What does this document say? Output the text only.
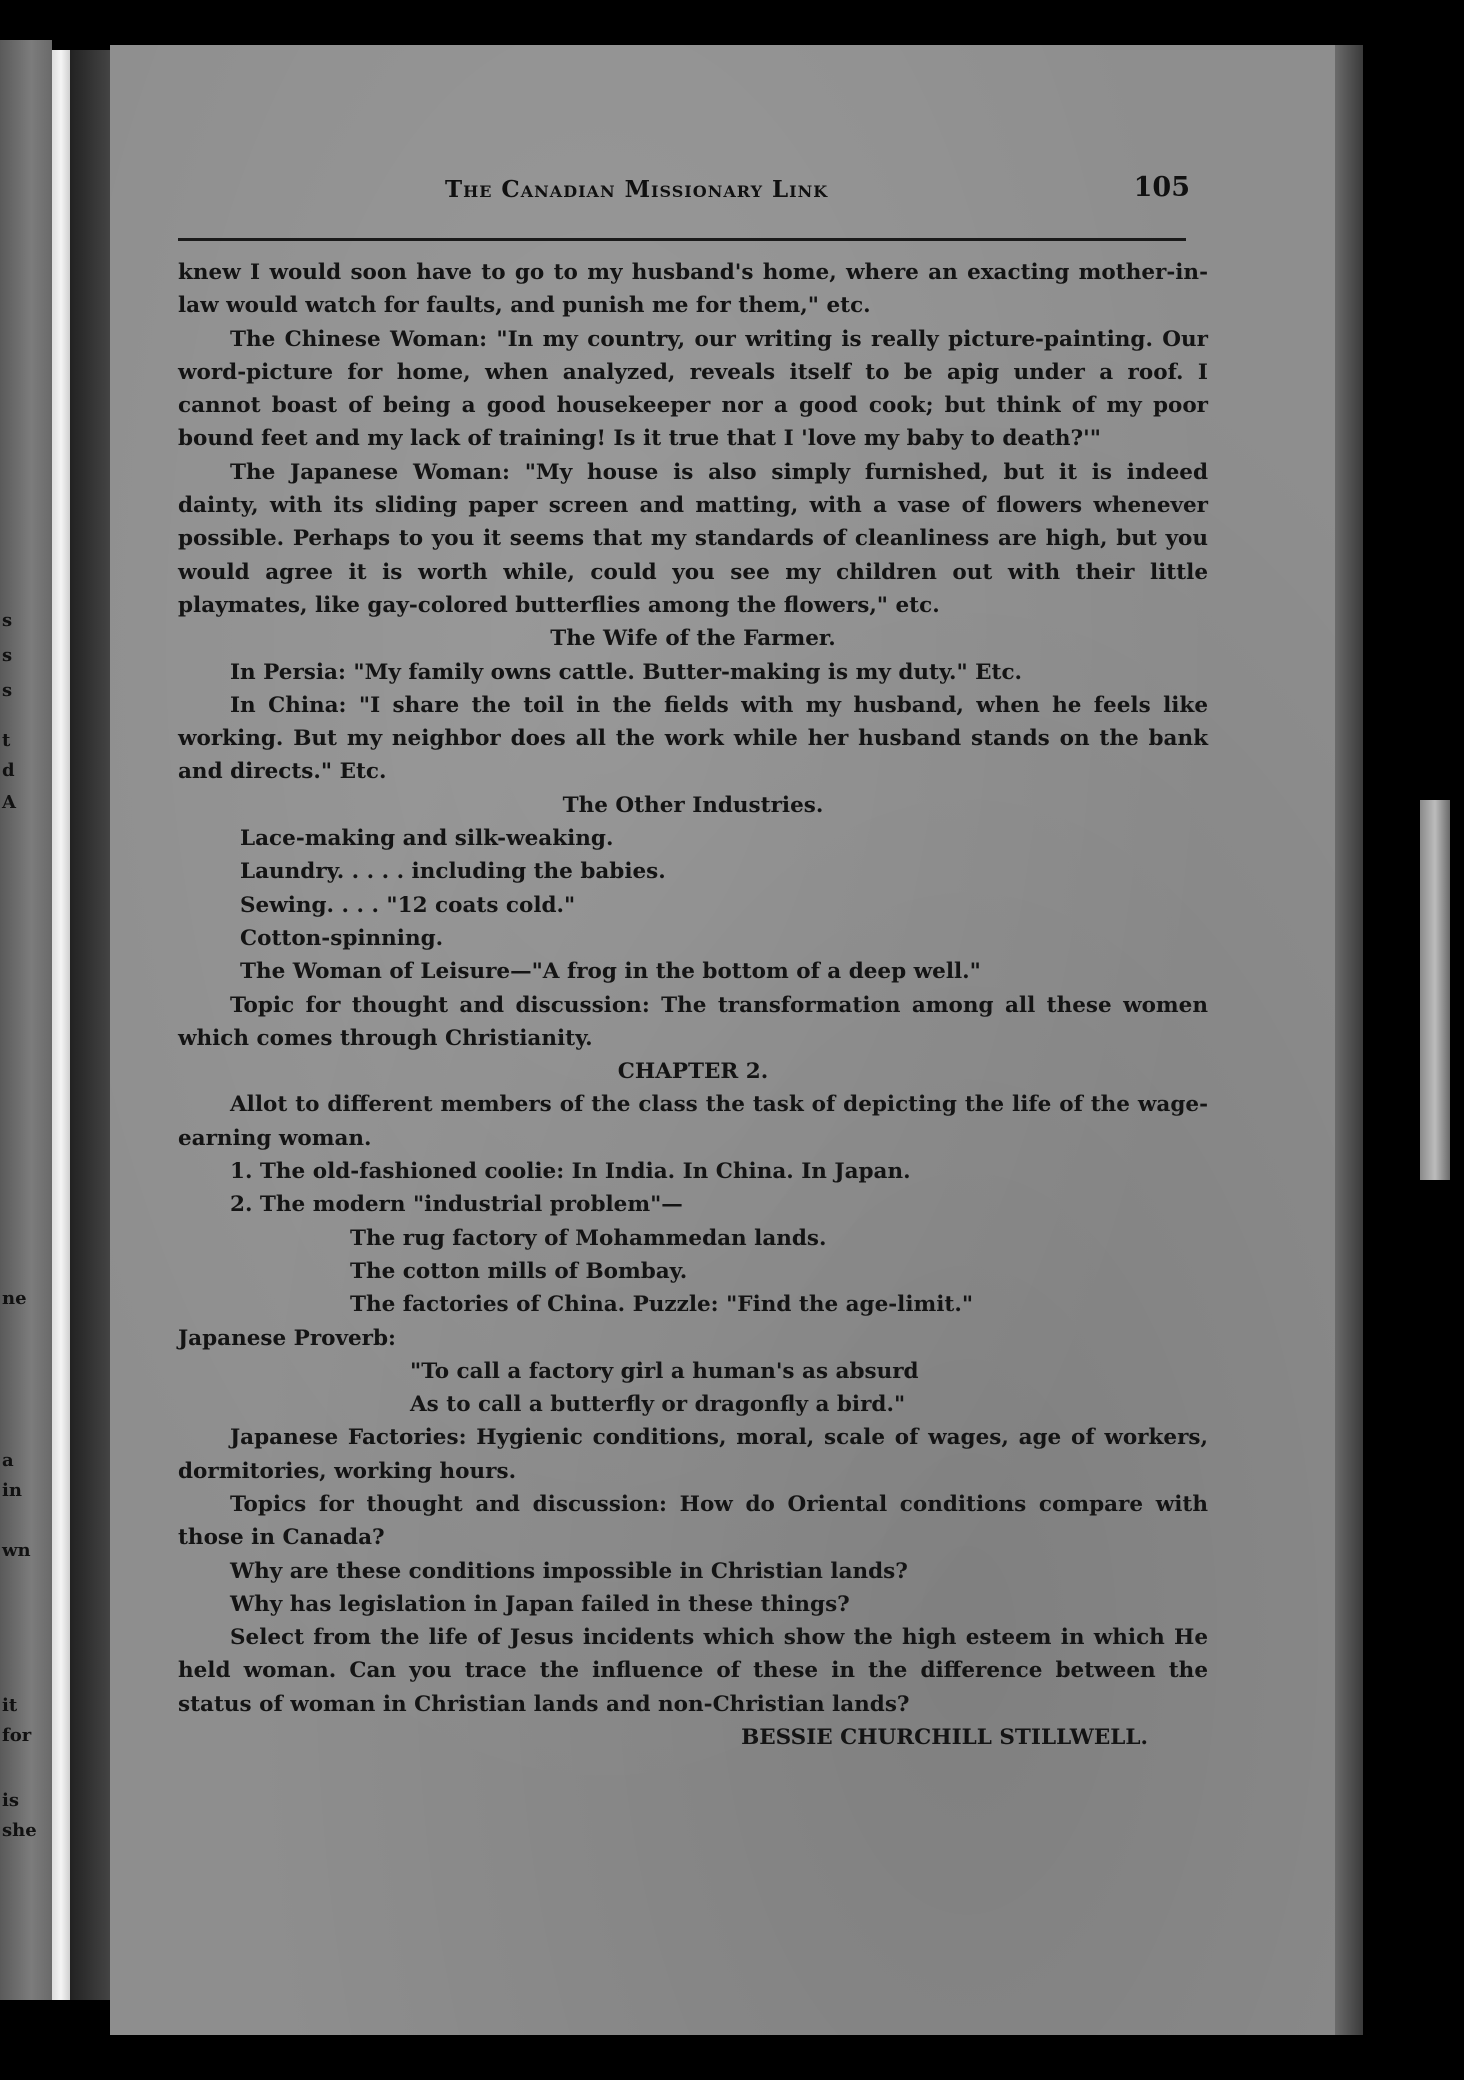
s
s
s
t
d
A
ne
a
in
wn
it
for
is
she
The Canadian Missionary Link	105

knew I would soon have to go to my husband's home, where an exacting mother-in-law would watch for faults, and punish me for them," etc.

The Chinese Woman: "In my country, our writing is really picture-painting. Our word-picture for home, when analyzed, reveals itself to be apig under a roof. I cannot boast of being a good housekeeper nor a good cook; but think of my poor bound feet and my lack of training! Is it true that I 'love my baby to death?'"

The Japanese Woman: "My house is also simply furnished, but it is indeed dainty, with its sliding paper screen and matting, with a vase of flowers whenever possible. Perhaps to you it seems that my standards of cleanliness are high, but you would agree it is worth while, could you see my children out with their little playmates, like gay-colored butterflies among the flowers," etc.

The Wife of the Farmer.

In Persia: "My family owns cattle. Butter-making is my duty." Etc.

In China: "I share the toil in the fields with my husband, when he feels like working. But my neighbor does all the work while her husband stands on the bank and directs." Etc.

The Other Industries.

Lace-making and silk-weaking.

Laundry. . . . . including the babies.

Sewing. . . . "12 coats cold."

Cotton-spinning.

The Woman of Leisure—"A frog in the bottom of a deep well."

Topic for thought and discussion: The transformation among all these women which comes through Christianity.

CHAPTER 2.

Allot to different members of the class the task of depicting the life of the wage-earning woman.

1. The old-fashioned coolie: In India. In China. In Japan.

2. The modern "industrial problem"—

The rug factory of Mohammedan lands.

The cotton mills of Bombay.

The factories of China. Puzzle: "Find the age-limit."

Japanese Proverb:

"To call a factory girl a human's as absurd

As to call a butterfly or dragonfly a bird."

Japanese Factories: Hygienic conditions, moral, scale of wages, age of workers, dormitories, working hours.

Topics for thought and discussion: How do Oriental conditions compare with those in Canada?

Why are these conditions impossible in Christian lands?

Why has legislation in Japan failed in these things?

Select from the life of Jesus incidents which show the high esteem in which He held woman. Can you trace the influence of these in the difference between the status of woman in Christian lands and non-Christian lands?

BESSIE CHURCHILL STILLWELL.
